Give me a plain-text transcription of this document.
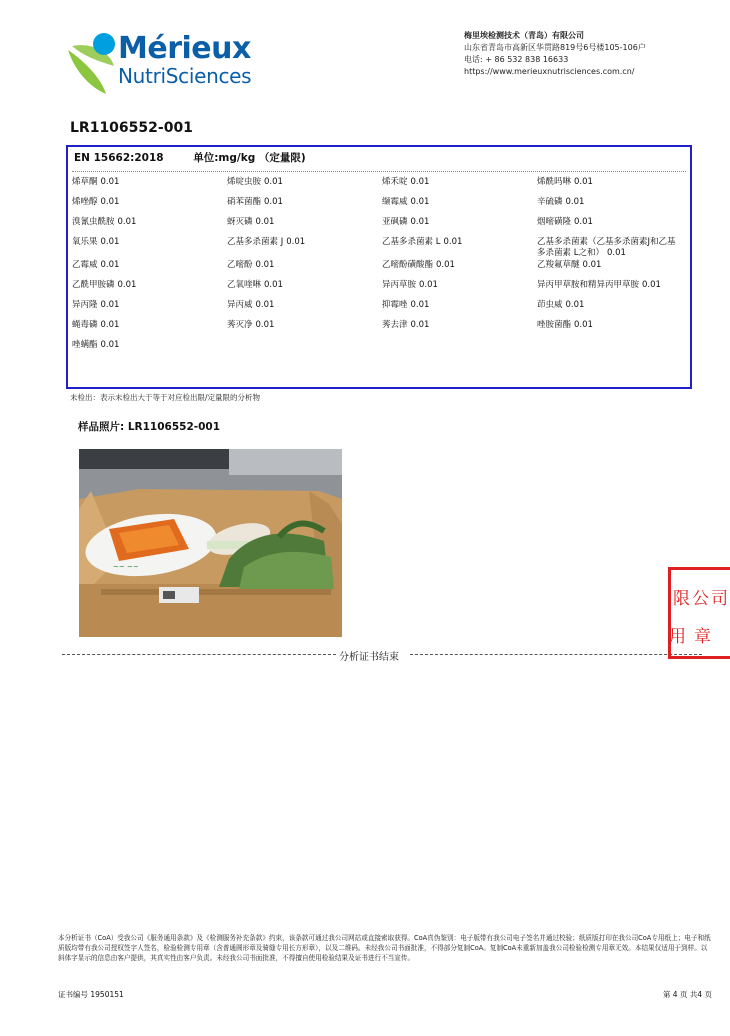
Mérieux
NutriSciences
梅里埃检测技术（青岛）有限公司
山东省青岛市高新区华贯路819号6号楼105-106户
电话: + 86 532 838 16633
https://www.merieuxnutrisciences.com.cn/
LR1106552-001
EN 15662:2018	单位:mg/kg （定量限)
烯草酮 0.01	烯啶虫胺 0.01	烯禾啶 0.01	烯酰吗啉 0.01
烯唑醇 0.01	硝苯菌酯 0.01	缬霉威 0.01	辛硫磷 0.01
溴氰虫酰胺 0.01	蚜灭磷 0.01	亚砜磷 0.01	烟嘧磺隆 0.01
氧乐果 0.01	乙基多杀菌素 J 0.01	乙基多杀菌素 L 0.01	乙基多杀菌素（乙基多杀菌素J和乙基多杀菌素 L之和） 0.01
乙霉威 0.01	乙嘧酚 0.01	乙嘧酚磺酸酯 0.01	乙羧氟草醚 0.01
乙酰甲胺磷 0.01	乙氧喹啉 0.01	异丙草胺 0.01	异丙甲草胺和精异丙甲草胺 0.01
异丙隆 0.01	异丙威 0.01	抑霉唑 0.01	茚虫威 0.01
蝇毒磷 0.01	莠灭净 0.01	莠去津 0.01	唑胺菌酯 0.01
唑螨酯 0.01
未检出：表示未检出大于等于对应检出限/定量限的分析物
样品照片: LR1106552-001
~~ ~~
分析证书结束
限公司
用章
本分析证书（CoA）受我公司《服务通用条款》及《检测服务补充条款》约束，该条款可通过我公司网站或直接索取获得。CoA真伪鉴别：电子版带有我公司电子签名并通过校验；纸质版打印在我公司CoA专用纸上；电子和纸质版均带有我公司授权签字人签名，检验检测专用章（含普通圆形章及骑缝专用长方形章），以及二维码。未经我公司书面批准，不得部分复制CoA。复制CoA未重新加盖我公司检验检测专用章无效。本结果仅适用于到样。以斜体字显示的信息由客户提供，其真实性由客户负责。未经我公司书面批准，不得擅自使用检验结果及证书进行不当宣传。
证书编号 1950151	第 4 页 共4 页
